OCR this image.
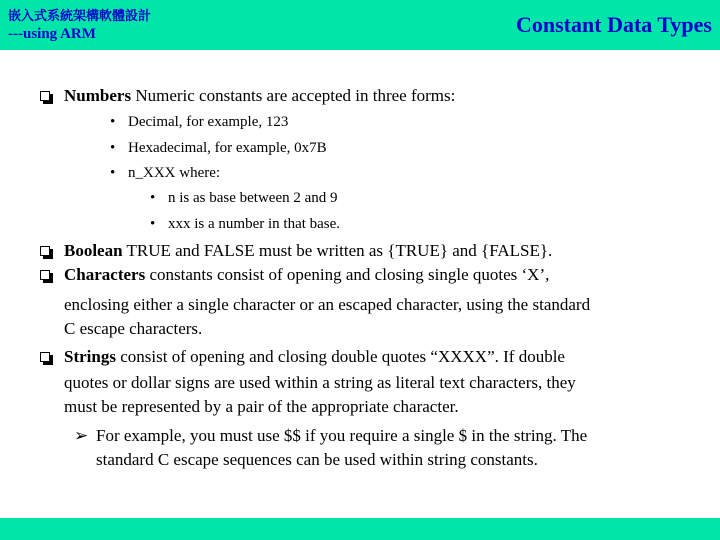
嵌入式系統架構軟體設計
---using ARM	Constant Data Types
Numbers Numeric constants are accepted in three forms:
• Decimal, for example, 123
• Hexadecimal, for example, 0x7B
• n_XXX where:
• n is as base between 2 and 9
• xxx is a number in that base.
Boolean TRUE and FALSE must be written as {TRUE} and {FALSE}.
Characters constants consist of opening and closing single quotes ‘X’,
enclosing either a single character or an escaped character, using the standard
C escape characters.
Strings consist of opening and closing double quotes “XXXX”. If double
quotes or dollar signs are used within a string as literal text characters, they
must be represented by a pair of the appropriate character.
➢ For example, you must use $$ if you require a single $ in the string. The
standard C escape sequences can be used within string constants.
